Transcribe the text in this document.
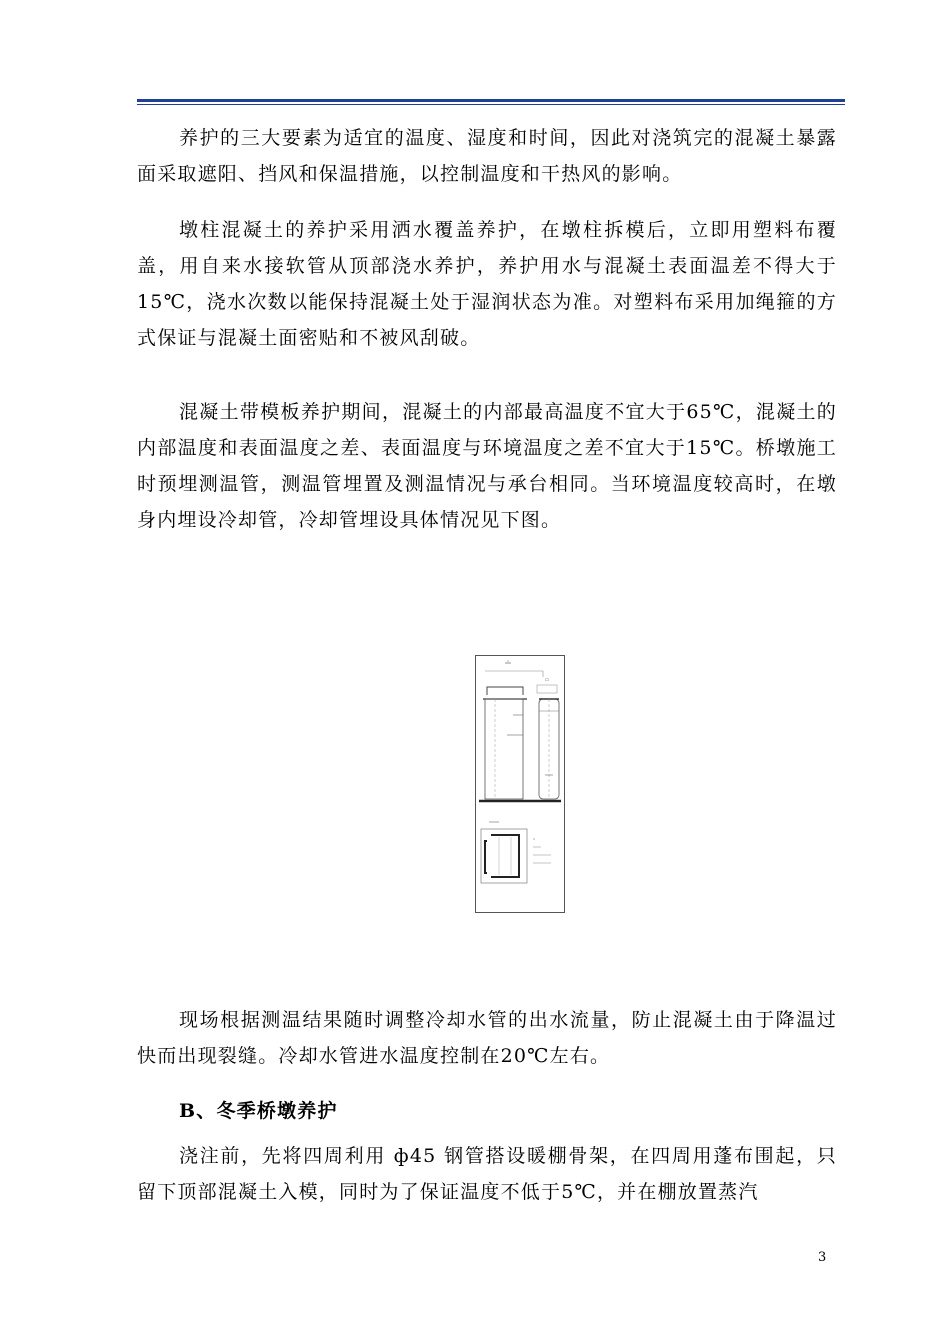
养护的三大要素为适宜的温度、湿度和时间，因此对浇筑完的混凝土暴露面采取遮阳、挡风和保温措施，以控制温度和干热风的影响。

墩柱混凝土的养护采用洒水覆盖养护，在墩柱拆模后，立即用塑料布覆盖，用自来水接软管从顶部浇水养护，养护用水与混凝土表面温差不得大于15℃，浇水次数以能保持混凝土处于湿润状态为准。对塑料布采用加绳箍的方式保证与混凝土面密贴和不被风刮破。

混凝土带模板养护期间，混凝土的内部最高温度不宜大于65℃，混凝土的内部温度和表面温度之差、表面温度与环境温度之差不宜大于15℃。桥墩施工时预埋测温管，测温管埋置及测温情况与承台相同。当环境温度较高时，在墩身内埋设冷却管，冷却管埋设具体情况见下图。

▭

现场根据测温结果随时调整冷却水管的出水流量，防止混凝土由于降温过快而出现裂缝。冷却水管进水温度控制在20℃左右。

B、冬季桥墩养护

浇注前，先将四周利用 ф45 钢管搭设暖棚骨架，在四周用蓬布围起，只留下顶部混凝土入模，同时为了保证温度不低于5℃，并在棚放置蒸汽

3
